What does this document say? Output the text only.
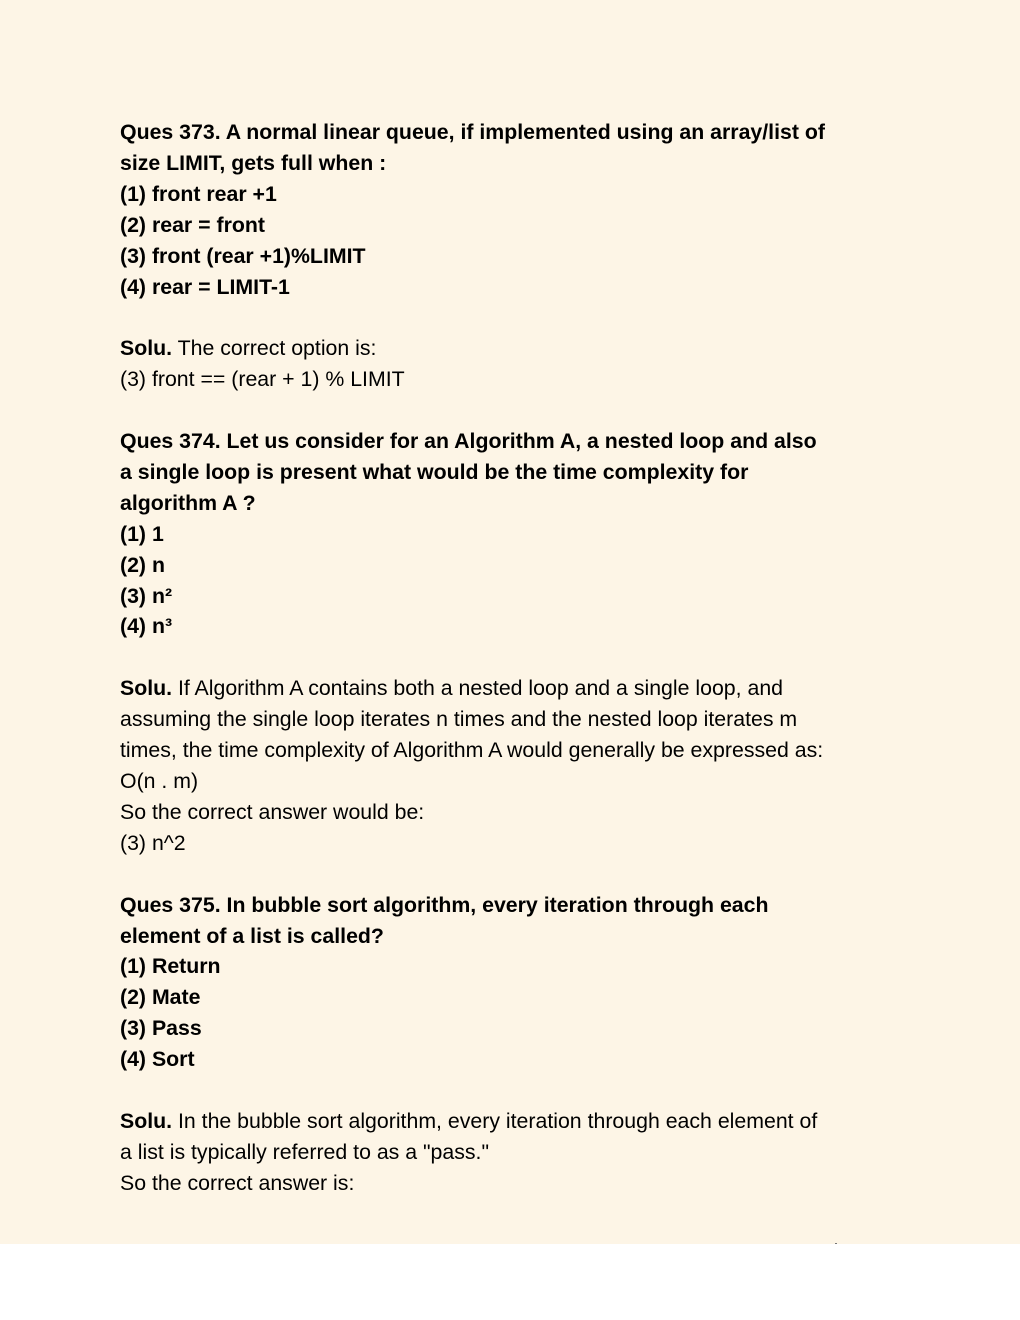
Ques 373. A normal linear queue, if implemented using an array/list of
size LIMIT, gets full when :
(1) front rear +1
(2) rear = front
(3) front (rear +1)%LIMIT
(4) rear = LIMIT-1
Solu. The correct option is:
(3) front == (rear + 1) % LIMIT
Ques 374. Let us consider for an Algorithm A, a nested loop and also
a single loop is present what would be the time complexity for
algorithm A ?
(1) 1
(2) n
(3) n²
(4) n³
Solu. If Algorithm A contains both a nested loop and a single loop, and
assuming the single loop iterates n times and the nested loop iterates m
times, the time complexity of Algorithm A would generally be expressed as:
O(n . m)
So the correct answer would be:
(3) n^2
Ques 375. In bubble sort algorithm, every iteration through each
element of a list is called?
(1) Return
(2) Mate
(3) Pass
(4) Sort
Solu. In the bubble sort algorithm, every iteration through each element of
a list is typically referred to as a "pass."
So the correct answer is:
